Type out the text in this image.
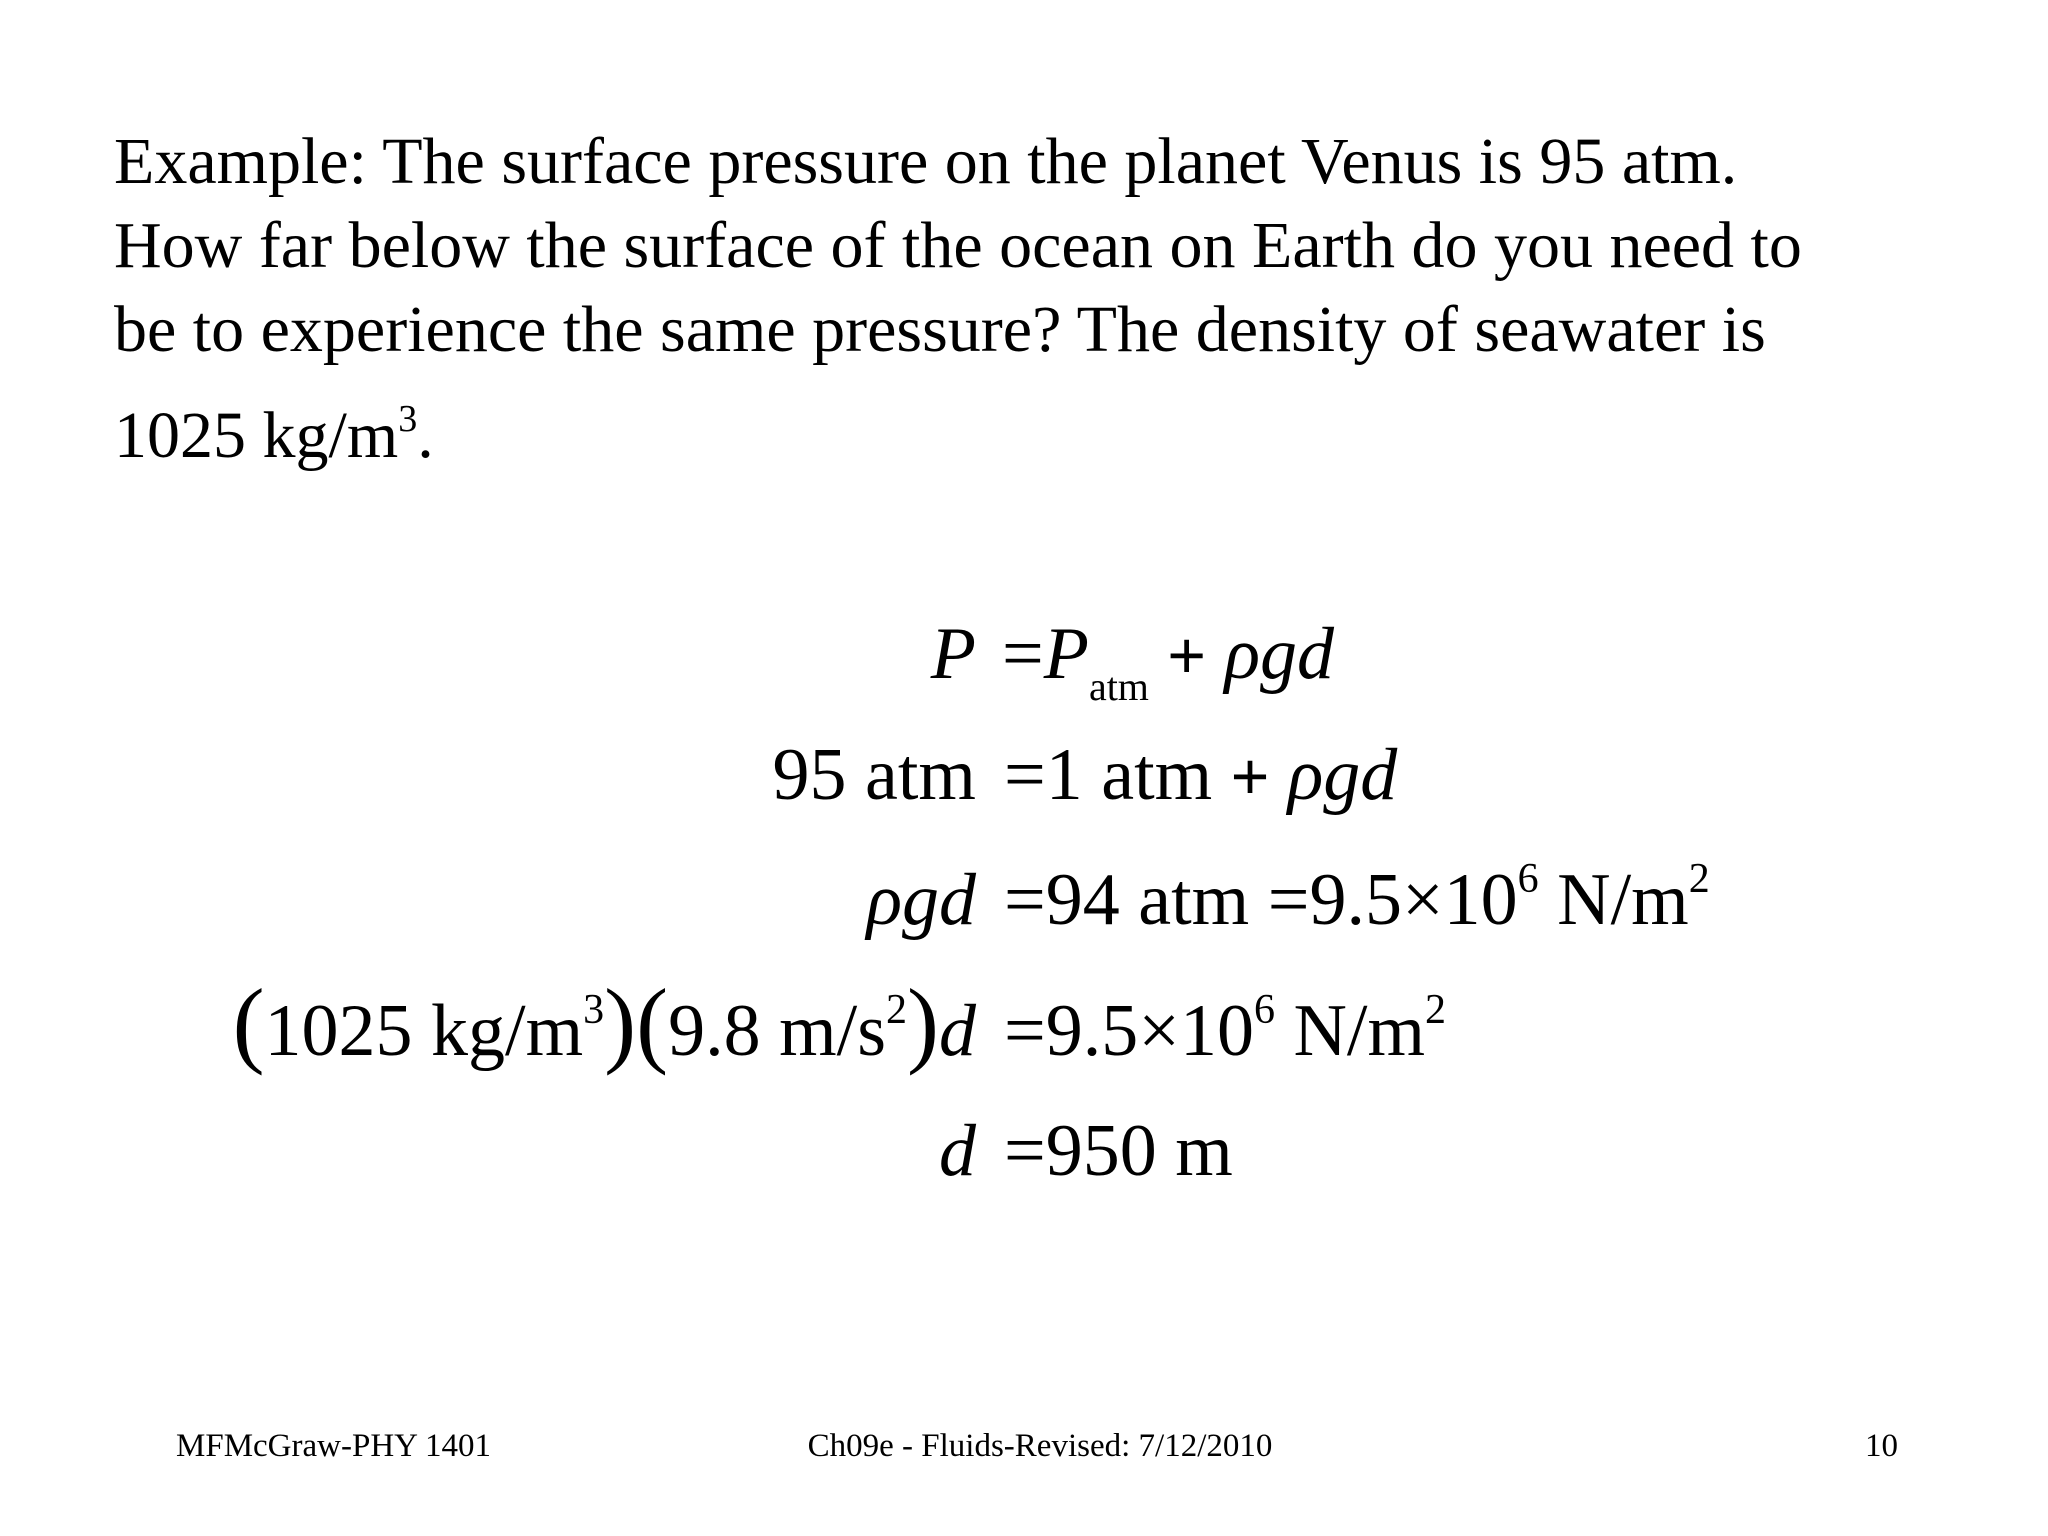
Example: The surface pressure on the planet Venus is 95 atm.
How far below the surface of the ocean on Earth do you need to
be to experience the same pressure? The density of seawater is
1025 $kg/m^3$.
$P =P_{atm} + \rho gd$
95 atm =1 atm + ρgd
ρgd =94 atm $=9.5\times 10^6$ $N/m^2$
(1025 $kg/m^3)(9.8$ $m/s^2)d =9.5\times 10^6$ $N/m^2$
d =950 m
MFMcGraw-PHY 1401	Ch09e - Fluids-Revised: 7/12/2010	10
